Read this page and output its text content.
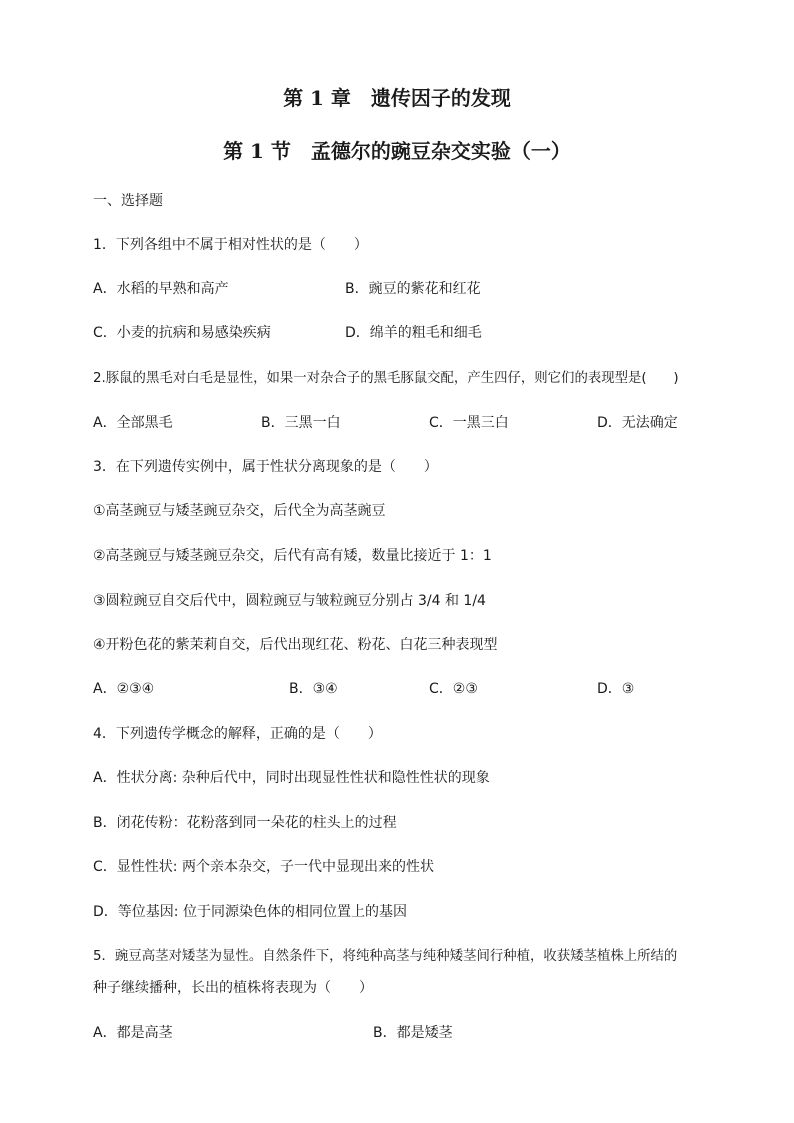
第 1 章　遗传因子的发现
第 1 节　孟德尔的豌豆杂交实验（一）
一、选择题
1．下列各组中不属于相对性状的是（　　）
A．水稻的早熟和高产	B．豌豆的紫花和红花
C．小麦的抗病和易感染疾病	D．绵羊的粗毛和细毛
2.豚鼠的黑毛对白毛是显性，如果一对杂合子的黑毛豚鼠交配，产生四仔，则它们的表现型是(　　)
A．全部黑毛	B．三黑一白	C．一黑三白	D．无法确定
3．在下列遗传实例中，属于性状分离现象的是（　　）
①高茎豌豆与矮茎豌豆杂交，后代全为高茎豌豆
②高茎豌豆与矮茎豌豆杂交，后代有高有矮，数量比接近于 1：1
③圆粒豌豆自交后代中，圆粒豌豆与皱粒豌豆分别占 3/4 和 1/4
④开粉色花的紫茉莉自交，后代出现红花、粉花、白花三种表现型
A．②③④	B．③④	C．②③	D．③
4．下列遗传学概念的解释，正确的是（　　）
A．性状分离: 杂种后代中，同时出现显性性状和隐性性状的现象
B．闭花传粉：花粉落到同一朵花的柱头上的过程
C．显性性状: 两个亲本杂交，子一代中显现出来的性状
D．等位基因: 位于同源染色体的相同位置上的基因
5．豌豆高茎对矮茎为显性。自然条件下，将纯种高茎与纯种矮茎间行种植，收获矮茎植株上所结的
种子继续播种，长出的植株将表现为（　　）
A．都是高茎	B．都是矮茎
